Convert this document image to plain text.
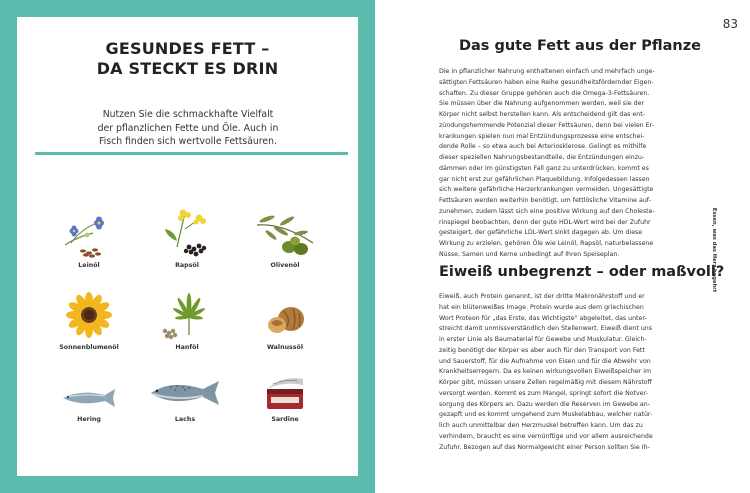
GESUNDES FETT –
DA STECKT ES DRIN
Nutzen Sie die schmackhafte Vielfalt
der pflanzlichen Fette und Öle. Auch in
Fisch finden sich wertvolle Fettsäuren.
Leinöl	Rapsöl	Olivenöl
Sonnenblumenöl	Hanföl	Walnussöl
Hering	Lachs	Sardine
83
Das gute Fett aus der Pflanze
Die in pflanzlicher Nahrung enthaltenen einfach und mehrfach unge-
sättigten Fettsäuren haben eine Reihe gesundheitsfördernder Eigen-
schaften. Zu dieser Gruppe gehören auch die Omega-3-Fettsäuren.
Sie müssen über die Nahrung aufgenommen werden, weil sie der
Körper nicht selbst herstellen kann. Als entscheidend gilt das ent-
zündungshemmende Potenzial dieser Fettsäuren, denn bei vielen Er-
krankungen spielen nun mal Entzündungsprozesse eine entschei-
dende Rolle – so etwa auch bei Arteriosklerose. Gelingt es mithilfe
dieser speziellen Nahrungsbestandteile, die Entzündungen einzu-
dämmen oder im günstigsten Fall ganz zu unterdrücken, kommt es
gar nicht erst zur gefährlichen Plaquebildung. Infolgedessen lassen
sich weitere gefährliche Herzerkrankungen vermeiden. Ungesättigte
Fettsäuren werden weiterhin benötigt, um fettlösliche Vitamine auf-
zunehmen, zudem lässt sich eine positive Wirkung auf den Choleste-
rinspiegel beobachten, denn der gute HDL-Wert wird bei der Zufuhr
gesteigert, der gefährliche LDL-Wert sinkt dagegen ab. Um diese
Wirkung zu erzielen, gehören Öle wie Leinöl, Rapsöl, naturbelassene
Nüsse, Samen und Kerne unbedingt auf Ihren Speiseplan.
Eiweiß unbegrenzt – oder maßvoll?
Eiweiß, auch Protein genannt, ist der dritte Makronährstoff und er
hat ein blütenweißes Image. Protein wurde aus dem griechischen
Wort Proteon für „das Erste, das Wichtigste" abgeleitet, das unter-
streicht damit unmissverständlich den Stellenwert. Eiweiß dient uns
in erster Linie als Baumaterial für Gewebe und Muskulatur. Gleich-
zeitig benötigt der Körper es aber auch für den Transport von Fett
und Sauerstoff, für die Aufnahme von Eisen und für die Abwehr von
Krankheitserregern. Da es keinen wirkungsvollen Eiweißspeicher im
Körper gibt, müssen unsere Zellen regelmäßig mit diesem Nährstoff
versorgt werden. Kommt es zum Mangel, springt sofort die Notver-
sorgung des Körpers an. Dazu werden die Reserven im Gewebe an-
gezapft und es kommt umgehend zum Muskelabbau, welcher natür-
lich auch unmittelbar den Herzmuskel betreffen kann. Um das zu
verhindern, braucht es eine vernünftige und vor allem ausreichende
Zufuhr. Bezogen auf das Normalgewicht einer Person sollten Sie Ih-
Essen, was das Herz begehrt
